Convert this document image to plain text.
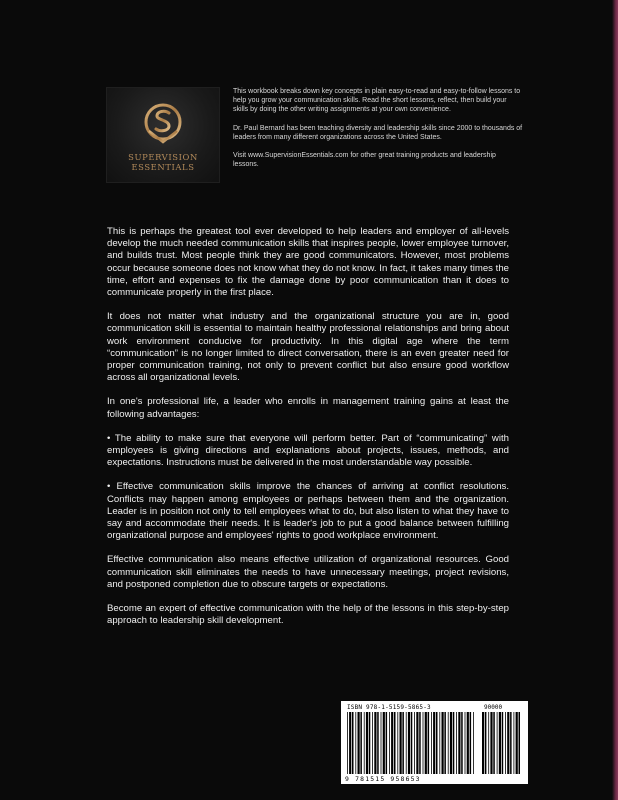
SUPERVISION ESSENTIALS

This workbook breaks down key concepts in plain easy-to-read and easy-to-follow lessons to help you grow your communication skills. Read the short lessons, reflect, then build your skills by doing the other writing assignments at your own convenience.

Dr. Paul Bernard has been teaching diversity and leadership skills since 2000 to thousands of leaders from many different organizations across the United States.

Visit www.SupervisionEssentials.com for other great training products and leadership lessons.

This is perhaps the greatest tool ever developed to help leaders and employer of all-levels develop the much needed communication skills that inspires people, lower employee turnover, and builds trust. Most people think they are good communicators. However, most problems occur because someone does not know what they do not know. In fact, it takes many times the time, effort and expenses to fix the damage done by poor communication than it does to communicate properly in the first place.

It does not matter what industry and the organizational structure you are in, good communication skill is essential to maintain healthy professional relationships and bring about work environment conducive for productivity. In this digital age where the term “communication” is no longer limited to direct conversation, there is an even greater need for proper communication training, not only to prevent conflict but also ensure good workflow across all organizational levels.

In one's professional life, a leader who enrolls in management training gains at least the following advantages:

• The ability to make sure that everyone will perform better. Part of “communicating” with employees is giving directions and explanations about projects, issues, methods, and expectations. Instructions must be delivered in the most understandable way possible.

• Effective communication skills improve the chances of arriving at conflict resolutions. Conflicts may happen among employees or perhaps between them and the organization. Leader is in position not only to tell employees what to do, but also listen to what they have to say and accommodate their needs. It is leader's job to put a good balance between fulfilling organizational purpose and employees' rights to good workplace environment.

Effective communication also means effective utilization of organizational resources. Good communication skill eliminates the needs to have unnecessary meetings, project revisions, and postponed completion due to obscure targets or expectations.

Become an expert of effective communication with the help of the lessons in this step-by-step approach to leadership skill development.

ISBN 978-1-5159-5865-3	90000
9 781515 958653
